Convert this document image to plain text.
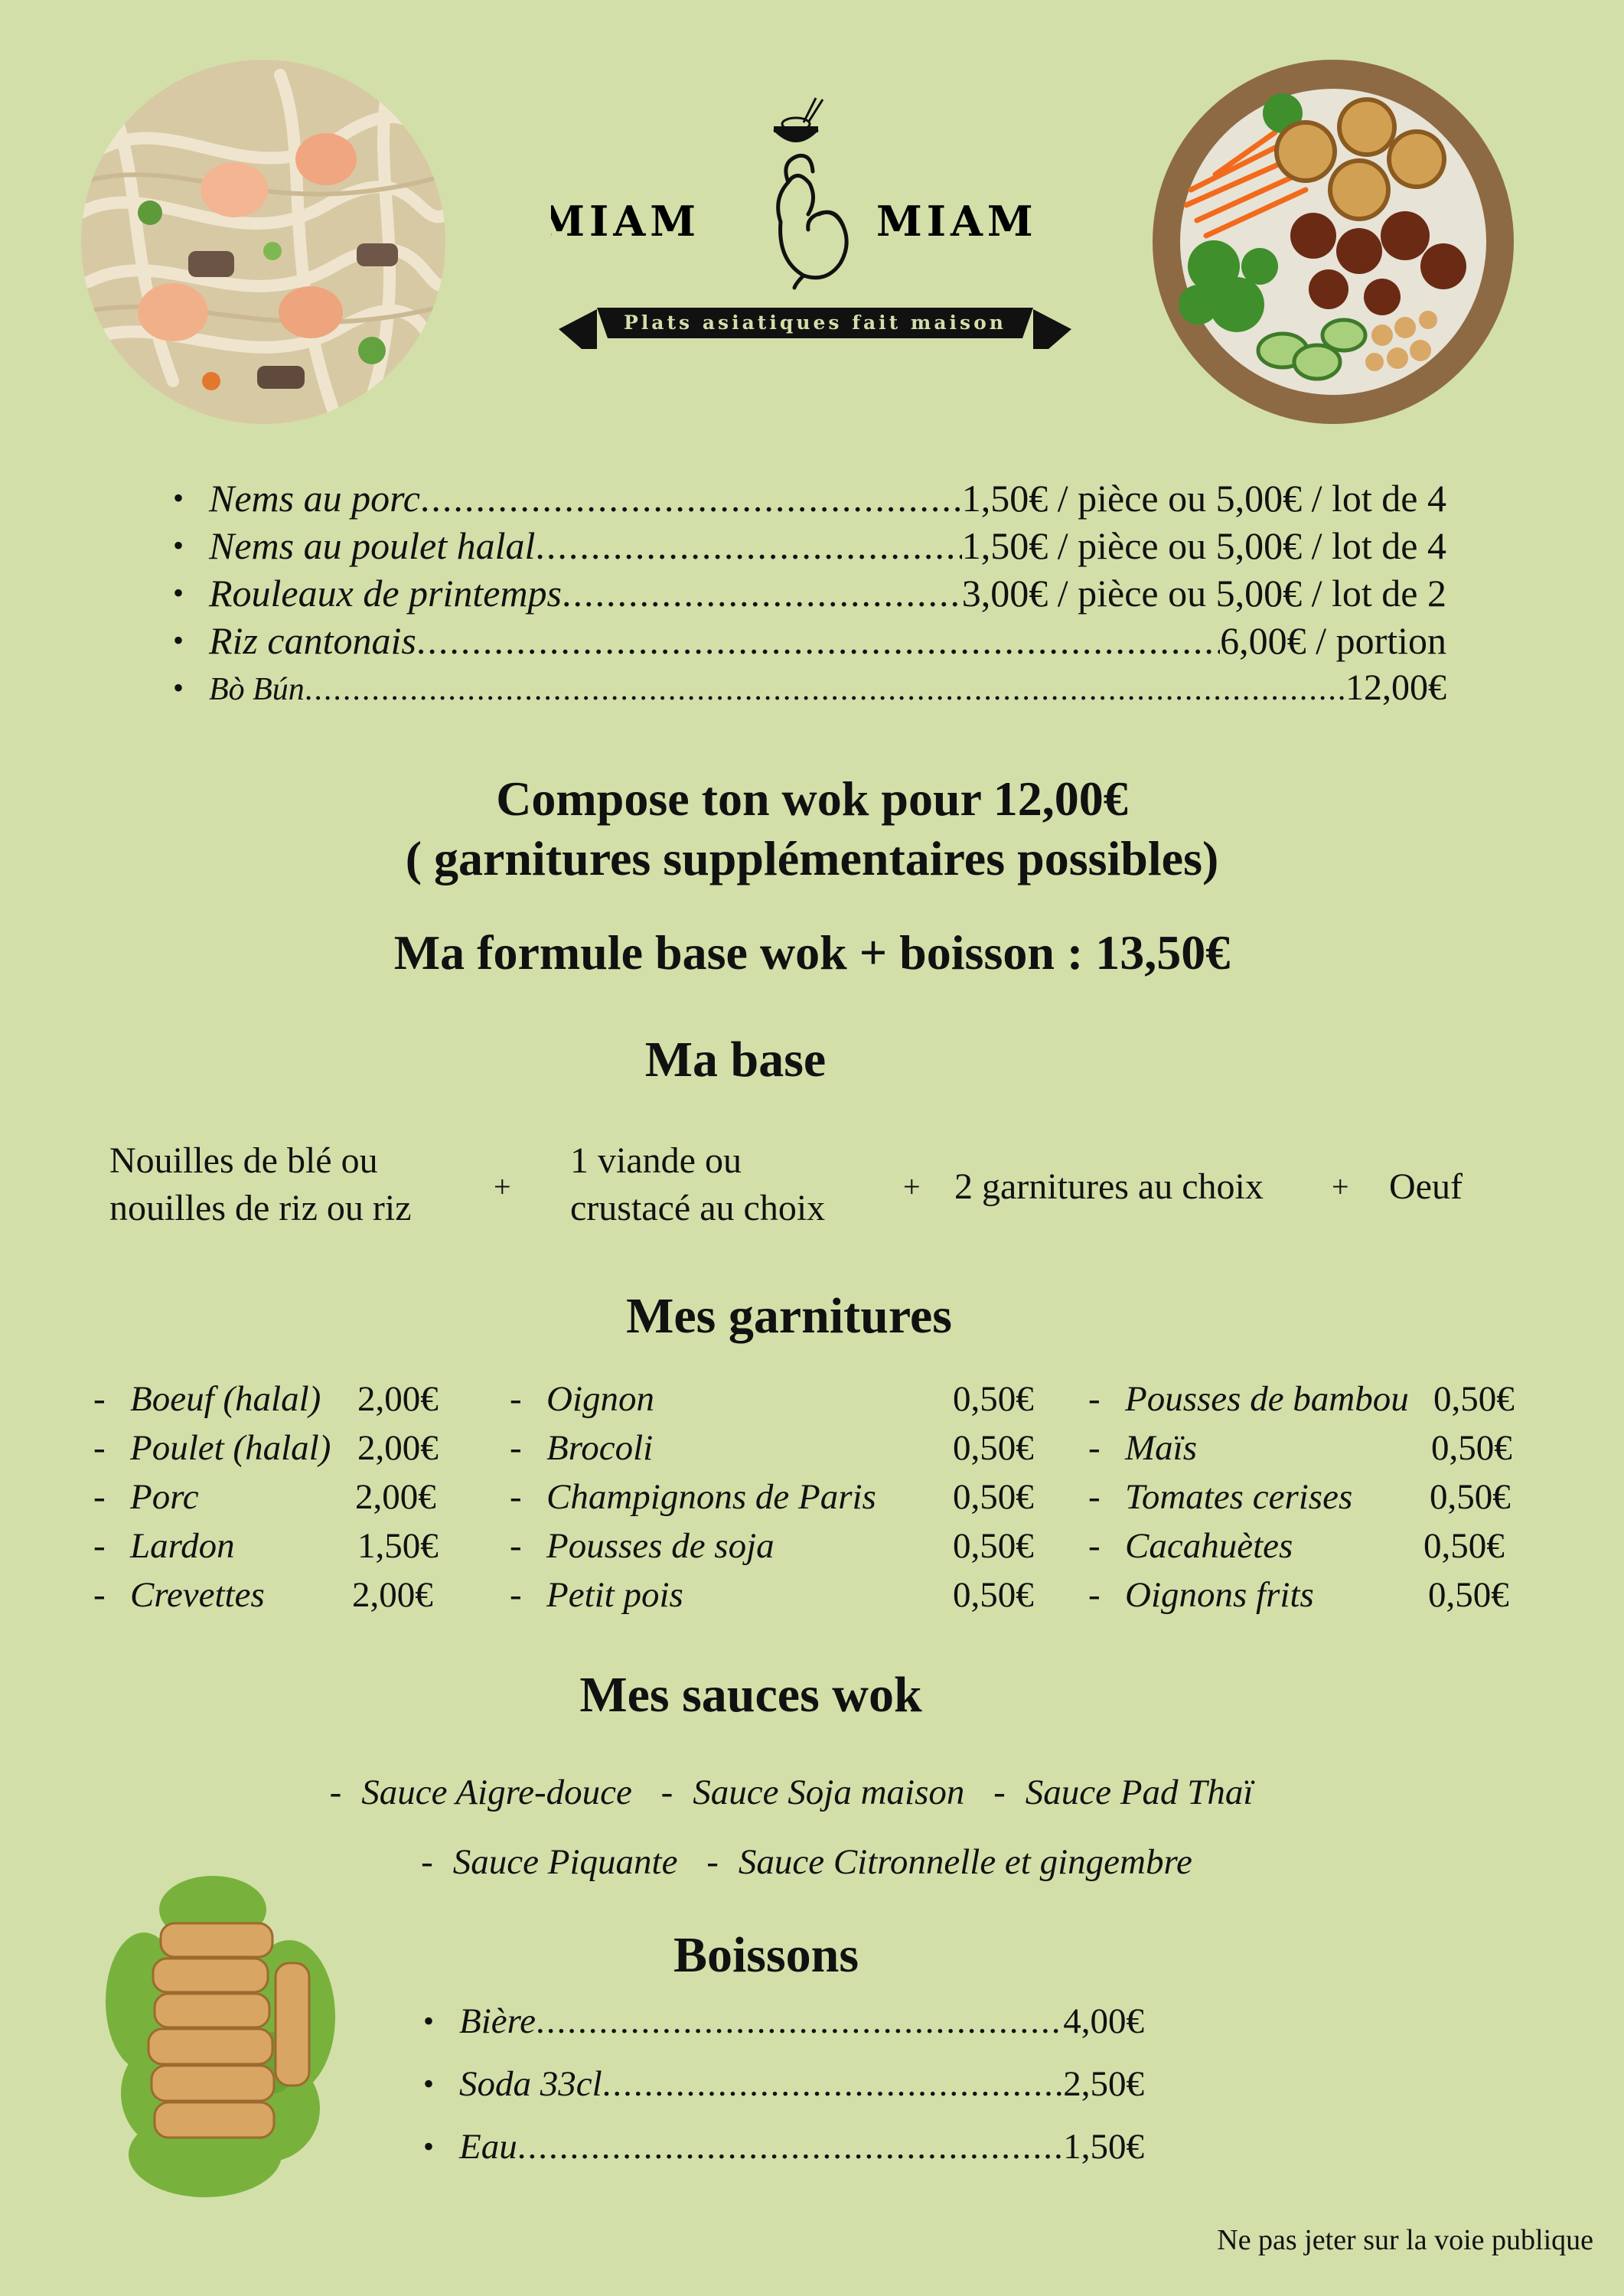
MIAM	MIAM
Plats asiatiques fait maison
• Nems au porc .....	1,50€ / pièce ou 5,00€ / lot de 4
• Nems au poulet halal .....	1,50€ / pièce ou 5,00€ / lot de 4
• Rouleaux de printemps .....	3,00€ / pièce ou 5,00€ / lot de 2
• Riz cantonais .....	6,00€ / portion
• Bò Bún .....	12,00€
Compose ton wok pour 12,00€
( garnitures supplémentaires possibles)
Ma formule base wok + boisson : 13,50€
Ma base
Nouilles de blé ou
nouilles de riz ou riz
+
1 viande ou
crustacé au choix
+ 2 garnitures au choix + Oeuf
Mes garnitures
- Boeuf (halal) 2,00€
- Poulet (halal) 2,00€
- Porc	2,00€
- Lardon	1,50€
- Crevettes 2,00€
- Oignon	0,50€
- Brocoli	0,50€
- Champignons de Paris 0,50€
- Pousses de soja	0,50€
- Petit pois	0,50€
- Pousses de bambou 0,50€
- Maïs	0,50€
- Tomates cerises 0,50€
- Cacahuètes	0,50€
- Oignons frits	0,50€
Mes sauces wok
- Sauce Aigre-douce - Sauce Soja maison - Sauce Pad Thaï
- Sauce Piquante - Sauce Citronnelle et gingembre
Boissons
• Bière .....	4,00€
• Soda 33cl .....	2,50€
• Eau .....	1,50€
Ne pas jeter sur la voie publique
